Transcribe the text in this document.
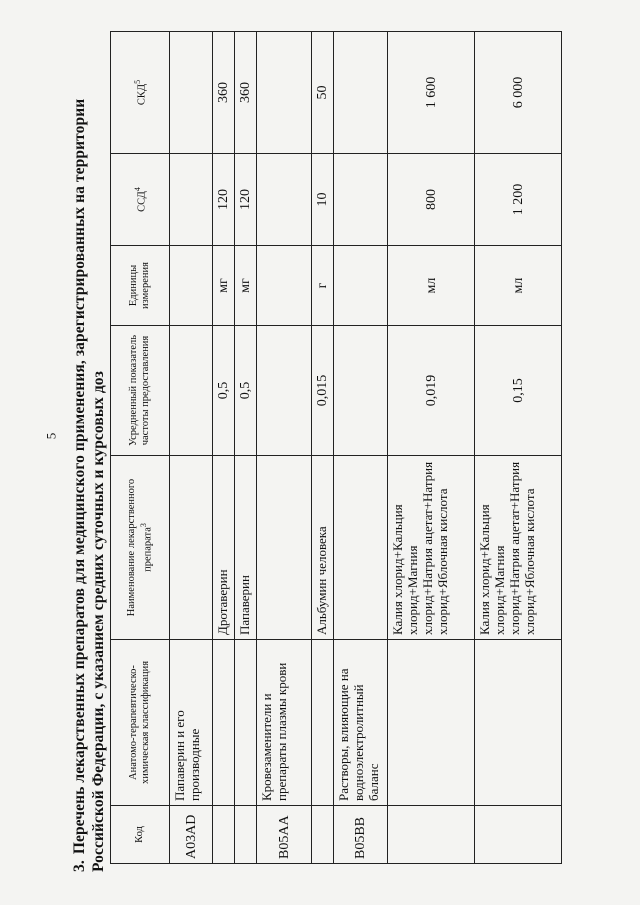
5
3.Перечень лекарственных препаратов для медицинского применения, зарегистрированных на территории Российской Федерации, с указанием средних суточных и курсовых доз	Код	Анатомо-терапевтическо-химическая классификация	Наименование лекарственного препарата$^3$	Усредненный показатель частоты предоставления	Единицы измерения	ССД$^4$	СКД$^5$
A03AD	Папаверин и его производные					
		Дротаверин	0,5	мг	120	360
		Папаверин	0,5	мг	120	360
B05AA	Кровезаменители и препараты плазмы крови					
		Альбумин человека	0,015	г	10	50
B05BB	Растворы, влияющие на водноэлектролитный баланс					
		Калия хлорид+Кальция хлорид+Магния хлорид+Натрия ацетат+Натрия хлорид+Яблочная кислота	0,019	мл	800	1 600
		Калия хлорид+Кальция хлорид+Магния хлорид+Натрия ацетат+Натрия хлорид+Яблочная кислота	0,15	мл	1 200	6 000
